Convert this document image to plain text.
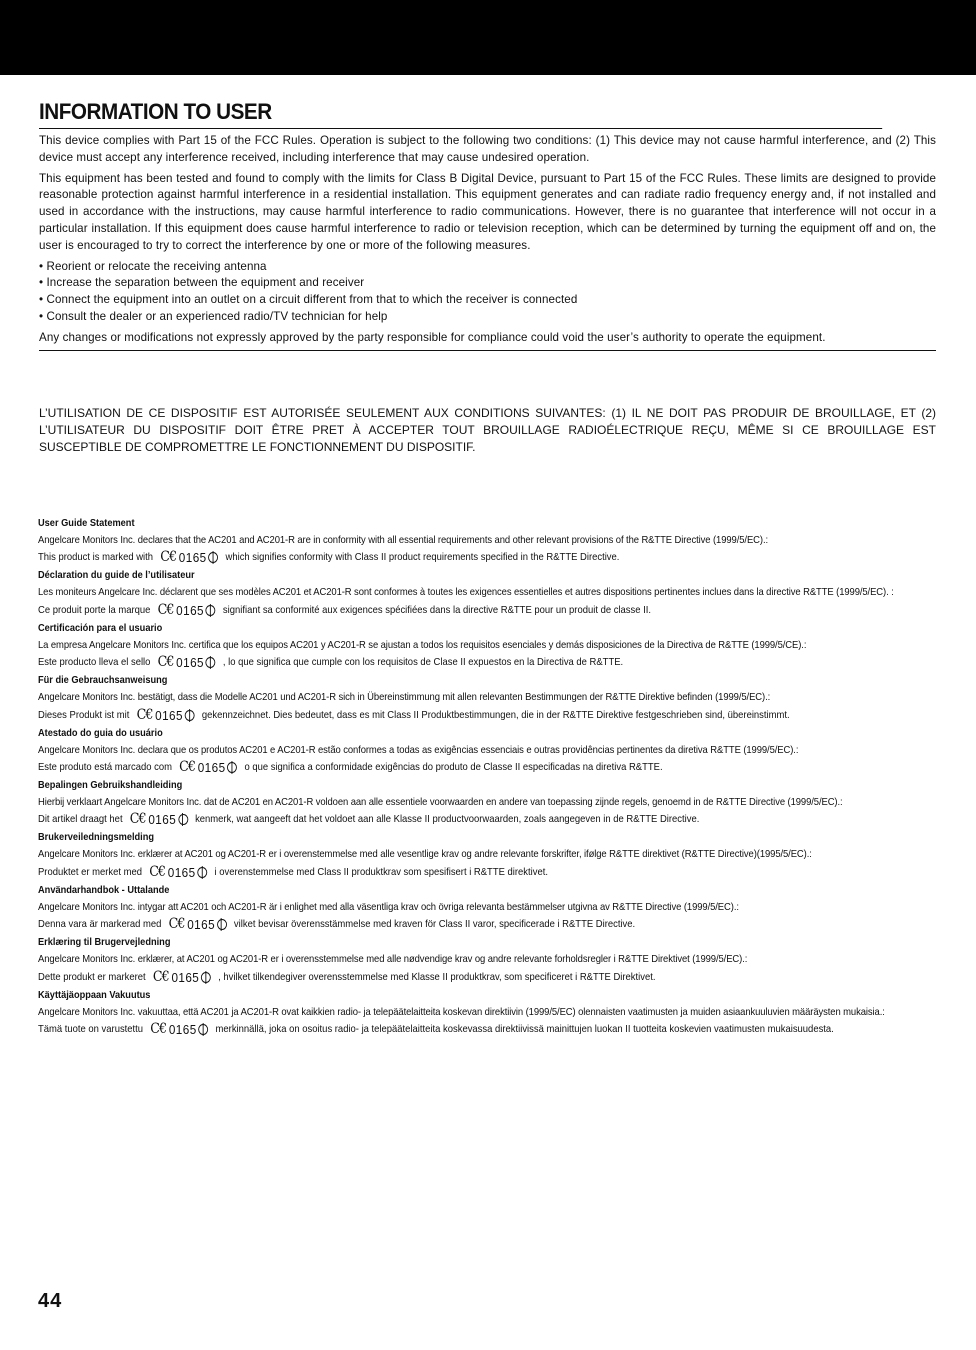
INFORMATION TO USER

This device complies with Part 15 of the FCC Rules. Operation is subject to the following two conditions: (1) This device may not cause harmful interference, and (2) This device must accept any interference received, including interference that may cause undesired operation.

This equipment has been tested and found to comply with the limits for Class B Digital Device, pursuant to Part 15 of the FCC Rules. These limits are designed to provide reasonable protection against harmful interference in a residential installation. This equipment generates and can radiate radio frequency energy and, if not installed and used in accordance with the instructions, may cause harmful interference to radio communications. However, there is no guarantee that interference will not occur in a particular installation. If this equipment does cause harmful interference to radio or television reception, which can be determined by turning the equipment off and on, the user is encouraged to try to correct the interference by one or more of the following measures.

• Reorient or relocate the receiving antenna
• Increase the separation between the equipment and receiver
• Connect the equipment into an outlet on a circuit different from that to which the receiver is connected
• Consult the dealer or an experienced radio/TV technician for help

Any changes or modifications not expressly approved by the party responsible for compliance could void the user’s authority to operate the equipment.

L’UTILISATION DE CE DISPOSITIF EST AUTORISÉE SEULEMENT AUX CONDITIONS SUIVANTES: (1) IL NE DOIT PAS PRODUIR DE BROUILLAGE, ET (2) L’UTILISATEUR DU DISPOSITIF DOIT ÊTRE PRET À ACCEPTER TOUT BROUILLAGE RADIOÉLECTRIQUE REÇU, MÊME SI CE BROUILLAGE EST SUSCEPTIBLE DE COMPROMETTRE LE FONCTIONNEMENT DU DISPOSITIF.

User Guide Statement
Angelcare Monitors Inc. declares that the AC201 and AC201-R are in conformity with all essential requirements and other relevant provisions of the R&TTE Directive (1999/5/EC).:
This product is marked with C€ 0165 which signifies conformity with Class II product requirements specified in the R&TTE Directive.
Déclaration du guide de l’utilisateur
Les moniteurs Angelcare Inc. déclarent que ses modèles AC201 et AC201-R sont conformes à toutes les exigences essentielles et autres dispositions pertinentes inclues dans la directive R&TTE (1999/5/EC). :
Ce produit porte la marque C€ 0165 signifiant sa conformité aux exigences spécifiées dans la directive R&TTE pour un produit de classe II.
Certificación para el usuario
La empresa Angelcare Monitors Inc. certifica que los equipos AC201 y AC201-R se ajustan a todos los requisitos esenciales y demás disposiciones de la Directiva de R&TTE (1999/5/CE).:
Este producto lleva el sello C€ 0165 , lo que significa que cumple con los requisitos de Clase II expuestos en la Directiva de R&TTE.
Für die Gebrauchsanweisung
Angelcare Monitors Inc. bestätigt, dass die Modelle AC201 und AC201-R sich in Übereinstimmung mit allen relevanten Bestimmungen der R&TTE Direktive befinden (1999/5/EC).:
Dieses Produkt ist mit C€ 0165 gekennzeichnet. Dies bedeutet, dass es mit Class II Produktbestimmungen, die in der R&TTE Direktive festgeschrieben sind, übereinstimmt.
Atestado do guia do usuário
Angelcare Monitors Inc. declara que os produtos AC201 e AC201-R estão conformes a todas as exigências essenciais e outras providências pertinentes da diretiva R&TTE (1999/5/EC).:
Este produto está marcado com C€ 0165 o que significa a conformidade exigências do produto de Classe II especificadas na diretiva R&TTE.
Bepalingen Gebruikshandleiding
Hierbij verklaart Angelcare Monitors Inc. dat de AC201 en AC201-R voldoen aan alle essentiele voorwaarden en andere van toepassing zijnde regels, genoemd in de R&TTE Directive (1999/5/EC).:
Dit artikel draagt het C€ 0165 kenmerk, wat aangeeft dat het voldoet aan alle Klasse II productvoorwaarden, zoals aangegeven in de R&TTE Directive.
Brukerveiledningsmelding
Angelcare Monitors Inc. erklærer at AC201 og AC201-R er i overenstemmelse med alle vesentlige krav og andre relevante forskrifter, ifølge R&TTE direktivet (R&TTE Directive)(1995/5/EC).:
Produktet er merket med C€ 0165 i overenstemmelse med Class II produktkrav som spesifisert i R&TTE direktivet.
Användarhandbok - Uttalande
Angelcare Monitors Inc. intygar att AC201 och AC201-R är i enlighet med alla väsentliga krav och övriga relevanta bestämmelser utgivna av R&TTE Directive (1999/5/EC).:
Denna vara är markerad med C€ 0165 vilket bevisar överensstämmelse med kraven för Class II varor, specificerade i R&TTE Directive.
Erklæring til Brugervejledning
Angelcare Monitors Inc. erklærer, at AC201 og AC201-R er i overensstemmelse med alle nødvendige krav og andre relevante forholdsregler i R&TTE Direktivet (1999/5/EC).:
Dette produkt er markeret C€ 0165 , hvilket tilkendegiver overensstemmelse med Klasse II produktkrav, som specificeret i R&TTE Direktivet.
Käyttäjäoppaan Vakuutus
Angelcare Monitors Inc. vakuuttaa, että AC201 ja AC201-R ovat kaikkien radio- ja telepäätelaitteita koskevan direktiivin (1999/5/EC) olennaisten vaatimusten ja muiden asiaankuuluvien määräysten mukaisia.:
Tämä tuote on varustettu C€ 0165 merkinnällä, joka on osoitus radio- ja telepäätelaitteita koskevassa direktiivissä mainittujen luokan II tuotteita koskevien vaatimusten mukaisuudesta.
44
